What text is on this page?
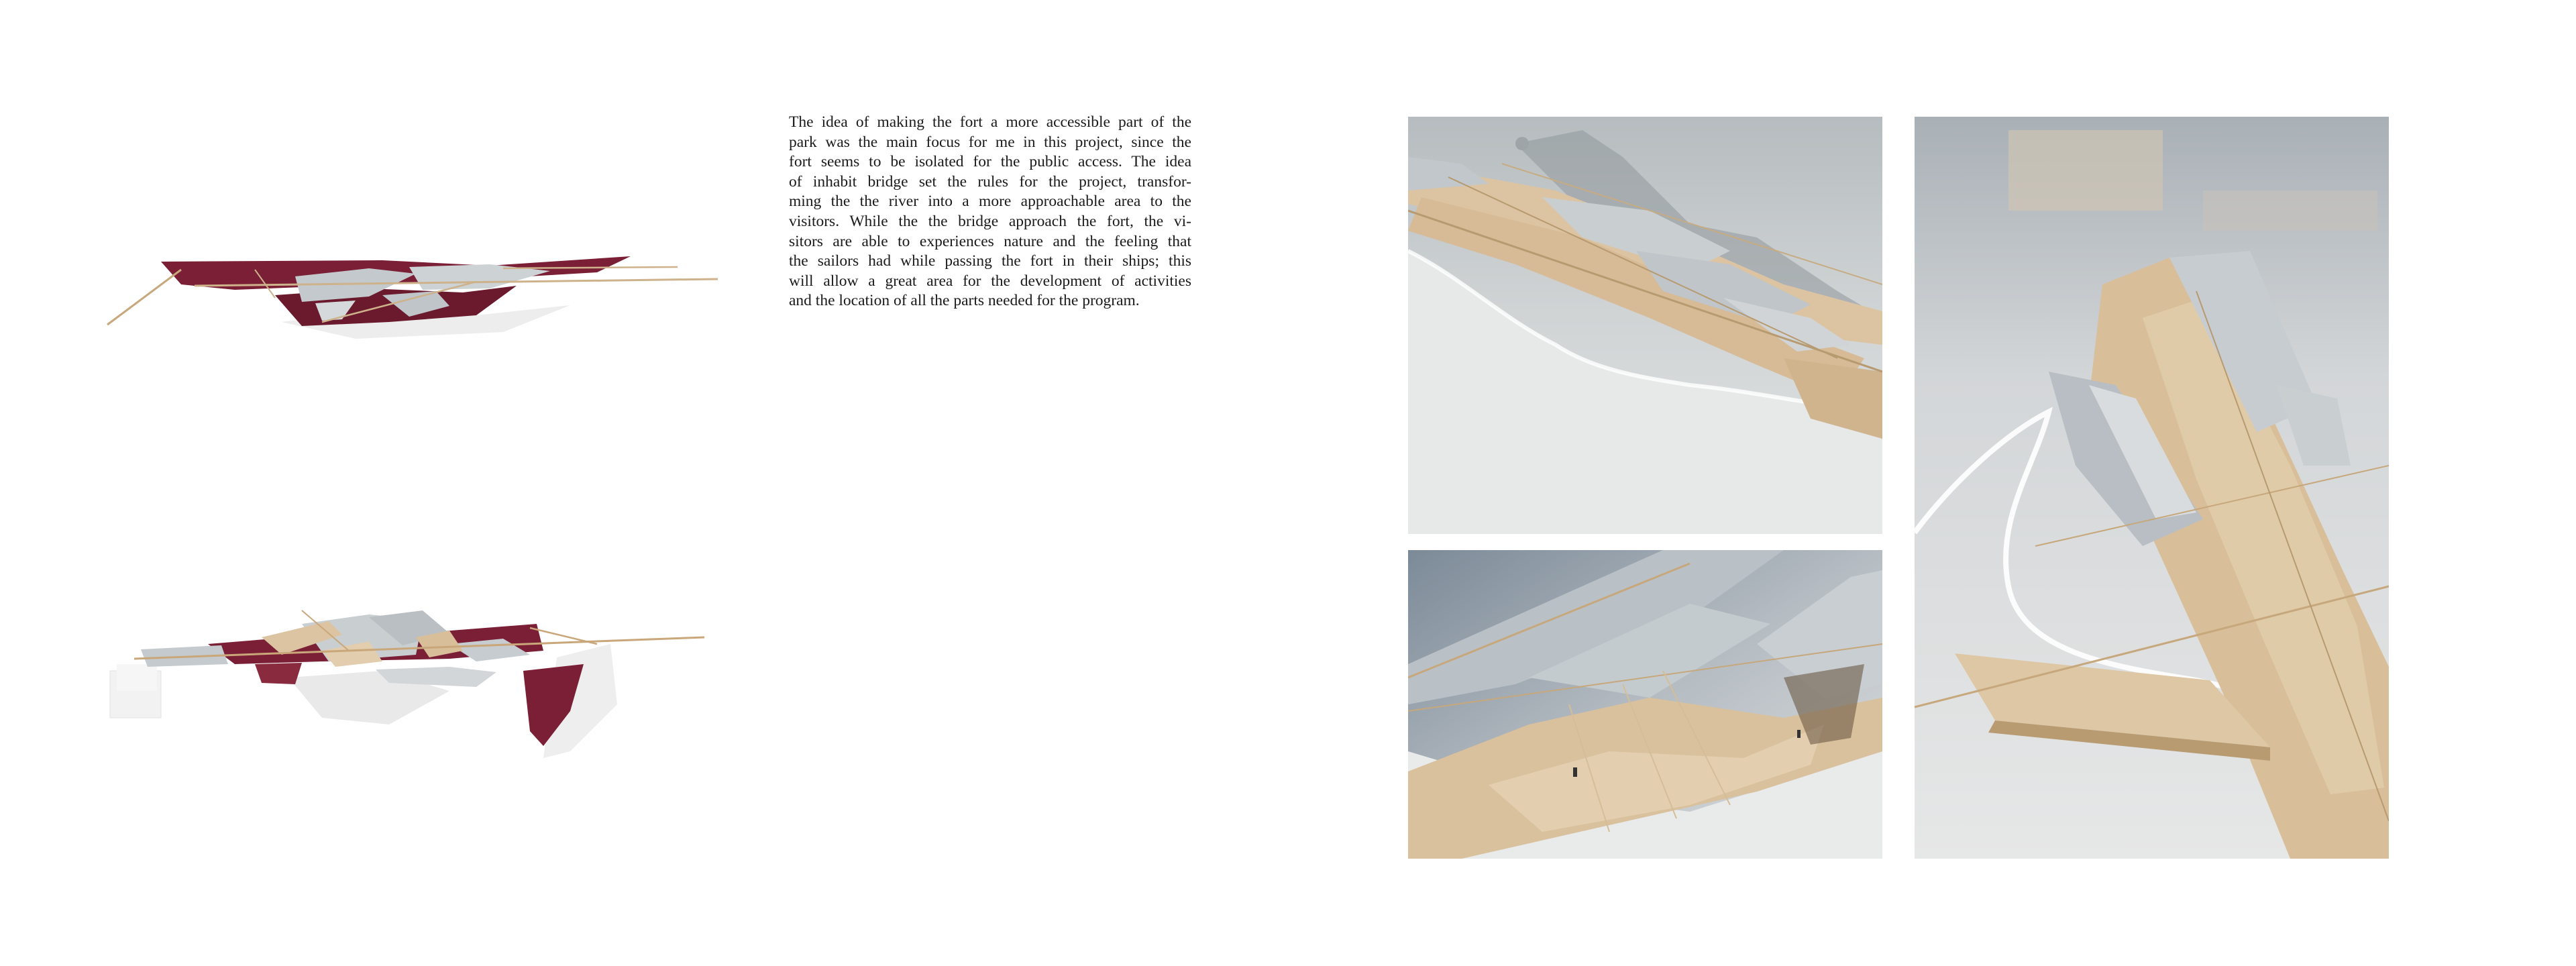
The idea of making the fort a more accessible part of the
park was the main focus for me in this project, since the
fort seems to be isolated for the public access. The idea
of inhabit bridge set the rules for the project, transfor-
ming the the river into a more approachable area to the
visitors. While the the bridge approach the fort, the vi-
sitors are able to experiences nature and the feeling that
the sailors had while passing the fort in their ships; this
will allow a great area for the development of activities
and the location of all the parts needed for the program.
